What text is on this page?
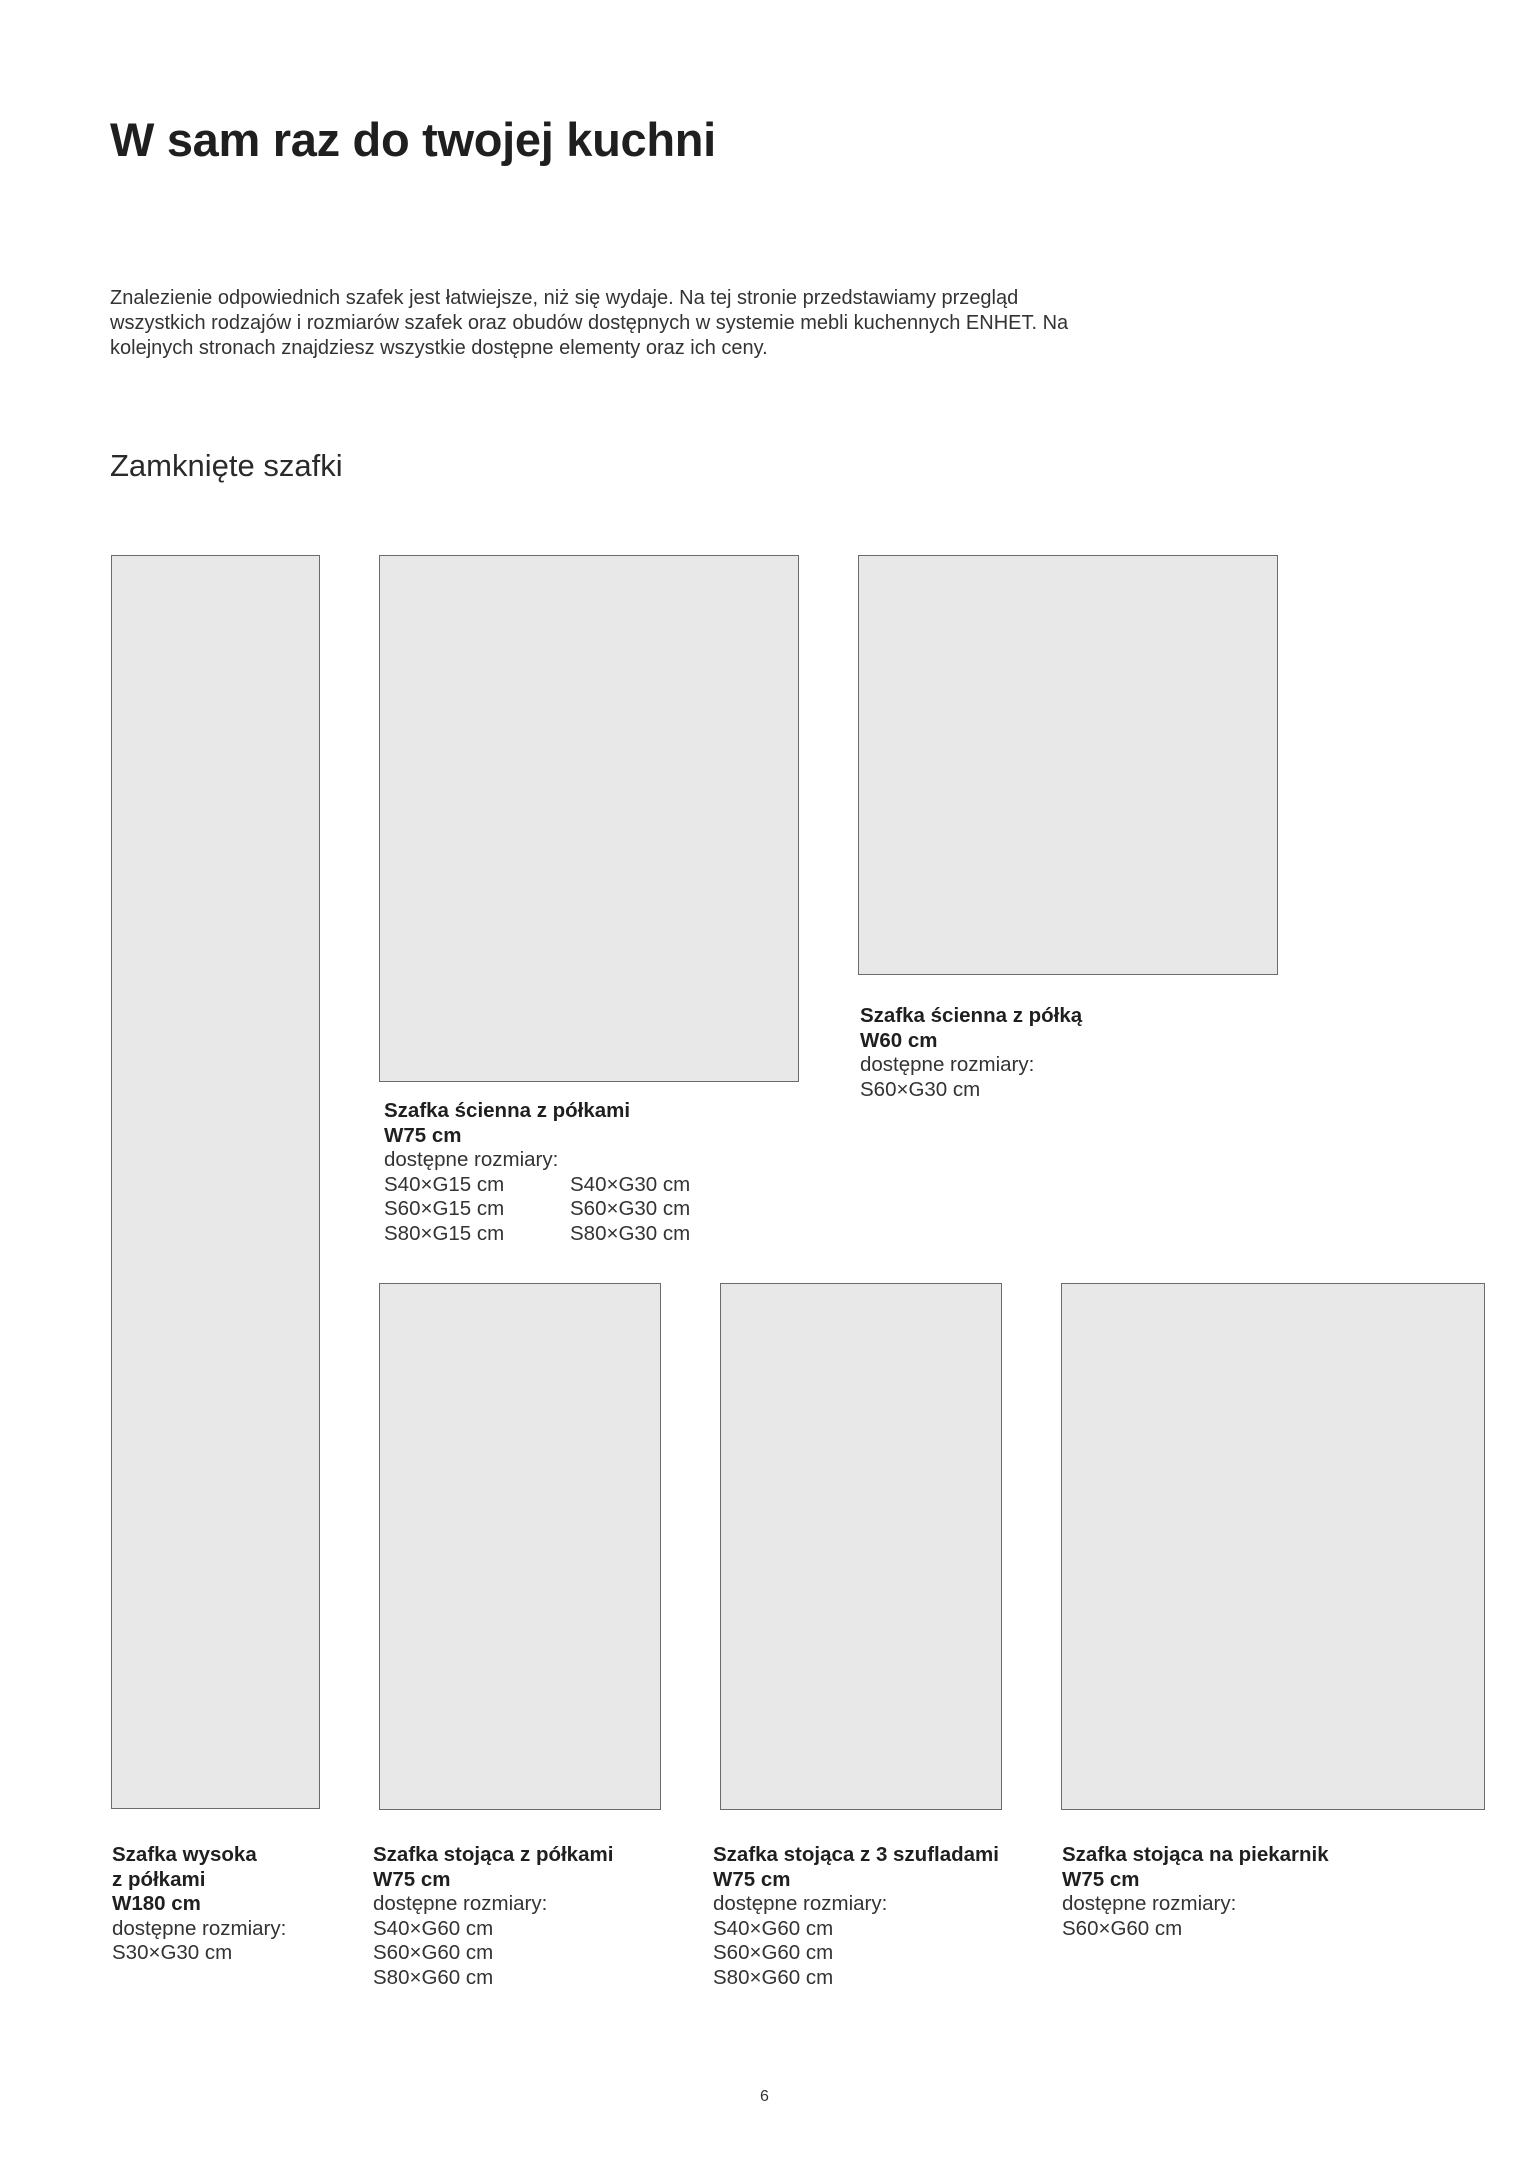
W sam raz do twojej kuchni

Znalezienie odpowiednich szafek jest łatwiejsze, niż się wydaje. Na tej stronie przedstawiamy przegląd wszystkich rodzajów i rozmiarów szafek oraz obudów dostępnych w systemie mebli kuchennych ENHET. Na kolejnych stronach znajdziesz wszystkie dostępne elementy oraz ich ceny.

Zamknięte szafki
Szafka ścienna z półką
W60 cm
dostępne rozmiary:
S60×G30 cm
Szafka ścienna z półkami
W75 cm
dostępne rozmiary:
S40×G15 cm
S60×G15 cm
S80×G15 cm
S40×G30 cm
S60×G30 cm
S80×G30 cm
Szafka wysoka
z półkami
W180 cm
dostępne rozmiary:
S30×G30 cm
Szafka stojąca z półkami
W75 cm
dostępne rozmiary:
S40×G60 cm
S60×G60 cm
S80×G60 cm
Szafka stojąca z 3 szufladami
W75 cm
dostępne rozmiary:
S40×G60 cm
S60×G60 cm
S80×G60 cm
Szafka stojąca na piekarnik
W75 cm
dostępne rozmiary:
S60×G60 cm
6
